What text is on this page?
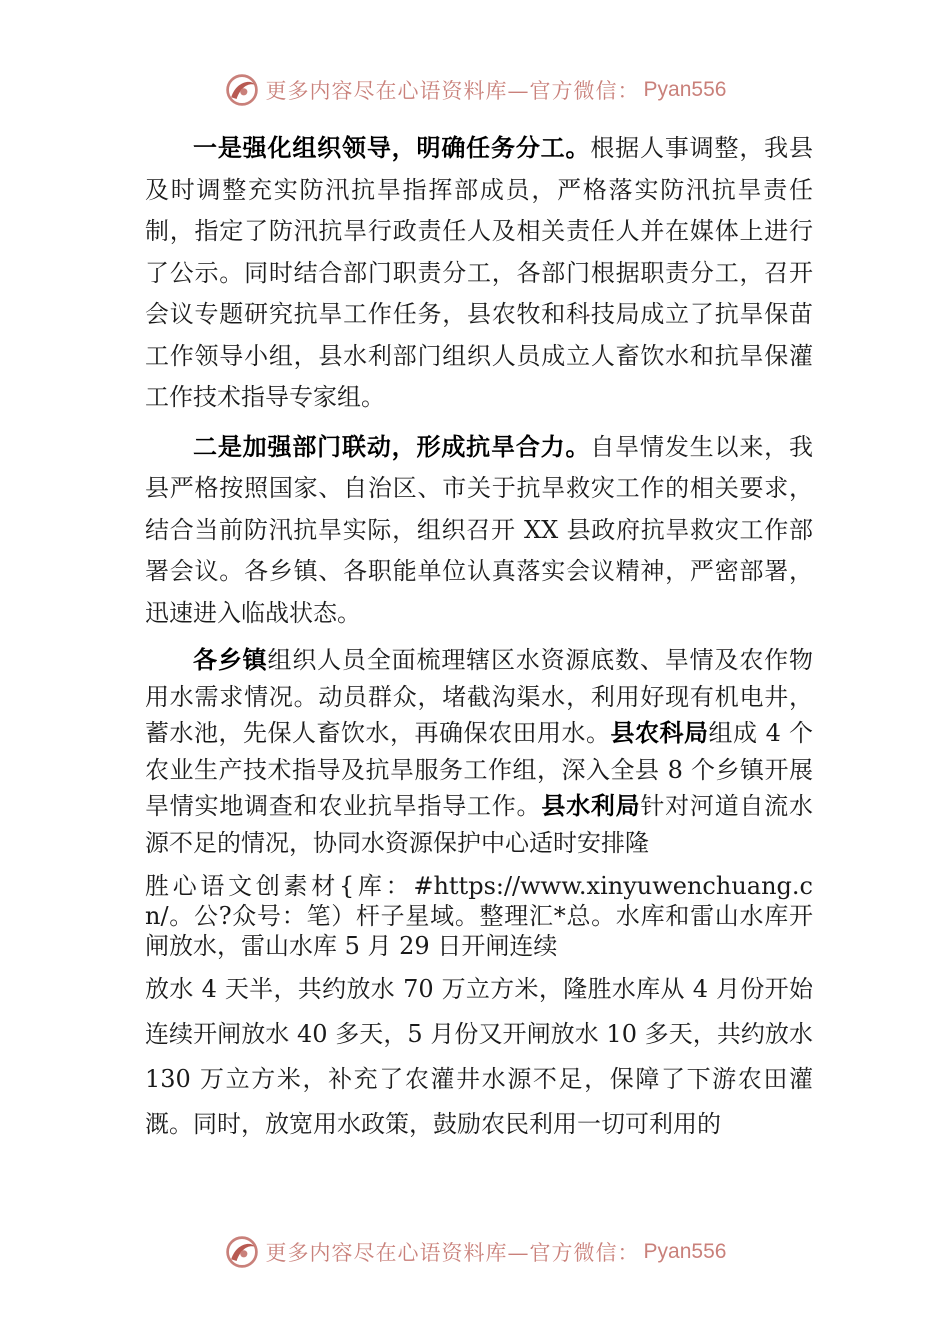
更多内容尽在心语资料库—官方微信： Pyan556

一是强化组织领导，明确任务分工。根据人事调整，我县及时调整充实防汛抗旱指挥部成员，严格落实防汛抗旱责任制，指定了防汛抗旱行政责任人及相关责任人并在媒体上进行了公示。同时结合部门职责分工，各部门根据职责分工，召开会议专题研究抗旱工作任务，县农牧和科技局成立了抗旱保苗工作领导小组，县水利部门组织人员成立人畜饮水和抗旱保灌工作技术指导专家组。

二是加强部门联动，形成抗旱合力。自旱情发生以来，我县严格按照国家、自治区、市关于抗旱救灾工作的相关要求，结合当前防汛抗旱实际，组织召开 XX 县政府抗旱救灾工作部署会议。各乡镇、各职能单位认真落实会议精神，严密部署，迅速进入临战状态。

各乡镇组织人员全面梳理辖区水资源底数、旱情及农作物用水需求情况。动员群众，堵截沟渠水，利用好现有机电井，蓄水池，先保人畜饮水，再确保农田用水。县农科局组成 4 个农业生产技术指导及抗旱服务工作组，深入全县 8 个乡镇开展旱情实地调查和农业抗旱指导工作。县水利局针对河道自流水源不足的情况，协同水资源保护中心适时安排隆

胜心语文创素材{库：#https://www.xinyuwenchuang.cn/。公?众号：笔）杆子星域。整理汇*总。水库和雷山水库开闸放水，雷山水库 5 月 29 日开闸连续

放水 4 天半，共约放水 70 万立方米，隆胜水库从 4 月份开始连续开闸放水 40 多天，5 月份又开闸放水 10 多天，共约放水 130 万立方米，补充了农灌井水源不足，保障了下游农田灌溉。同时，放宽用水政策，鼓励农民利用一切可利用的

更多内容尽在心语资料库—官方微信： Pyan556
